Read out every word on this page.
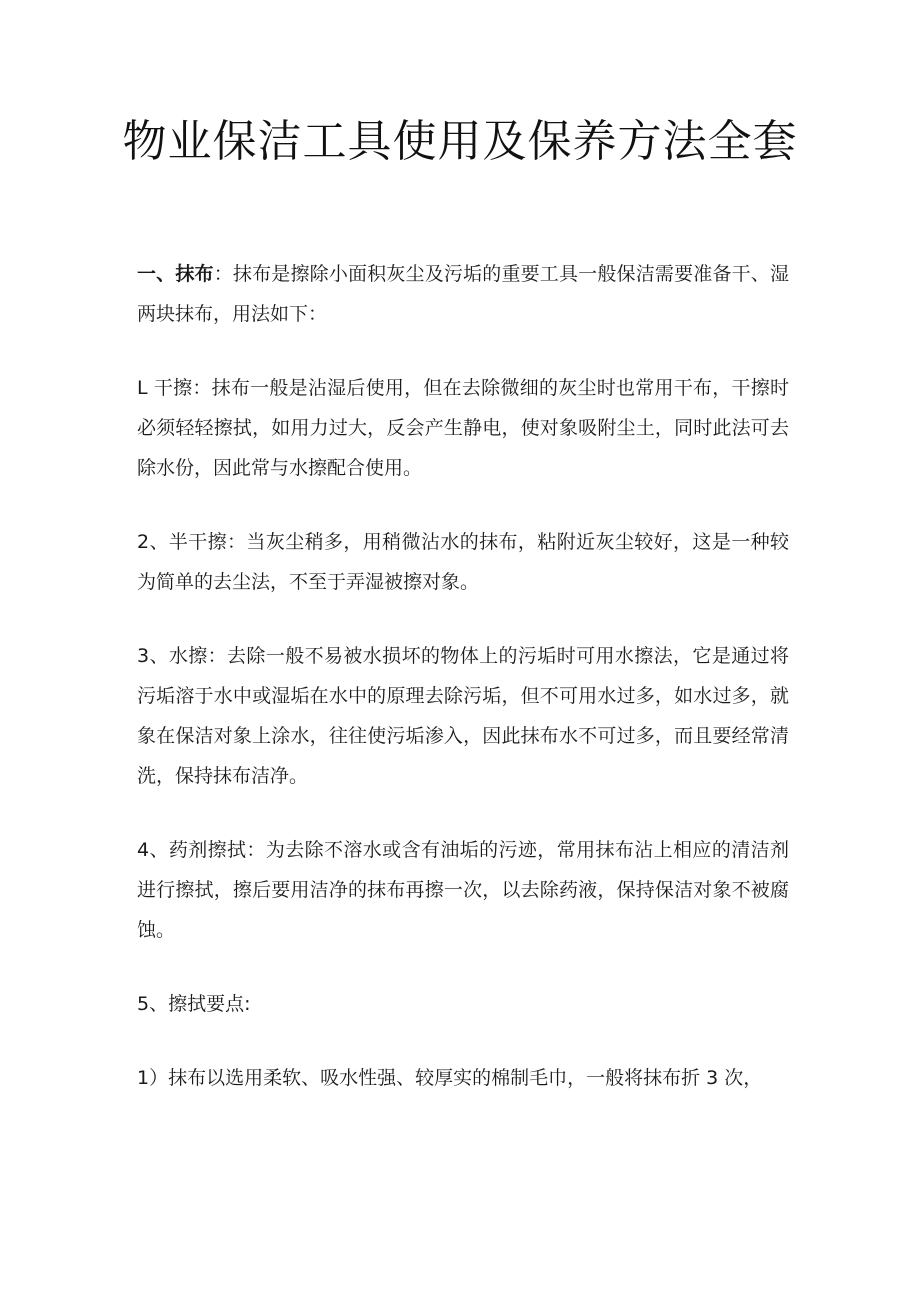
物业保洁工具使用及保养方法全套

一、抹布：抹布是擦除小面积灰尘及污垢的重要工具一般保洁需要准备干、湿两块抹布，用法如下：

L 干擦：抹布一般是沾湿后使用，但在去除微细的灰尘时也常用干布，干擦时必须轻轻擦拭，如用力过大，反会产生静电，使对象吸附尘土，同时此法可去除水份，因此常与水擦配合使用。

2、半干擦：当灰尘稍多，用稍微沾水的抹布，粘附近灰尘较好，这是一种较为简单的去尘法，不至于弄湿被擦对象。

3、水擦：去除一般不易被水损坏的物体上的污垢时可用水擦法，它是通过将污垢溶于水中或湿垢在水中的原理去除污垢，但不可用水过多，如水过多，就象在保洁对象上涂水，往往使污垢渗入，因此抹布水不可过多，而且要经常清洗，保持抹布洁净。

4、药剂擦拭：为去除不溶水或含有油垢的污迹，常用抹布沾上相应的清洁剂进行擦拭，擦后要用洁净的抹布再擦一次，以去除药液，保持保洁对象不被腐蚀。

5、擦拭要点:

1）抹布以选用柔软、吸水性强、较厚实的棉制毛巾，一般将抹布折 3 次，
